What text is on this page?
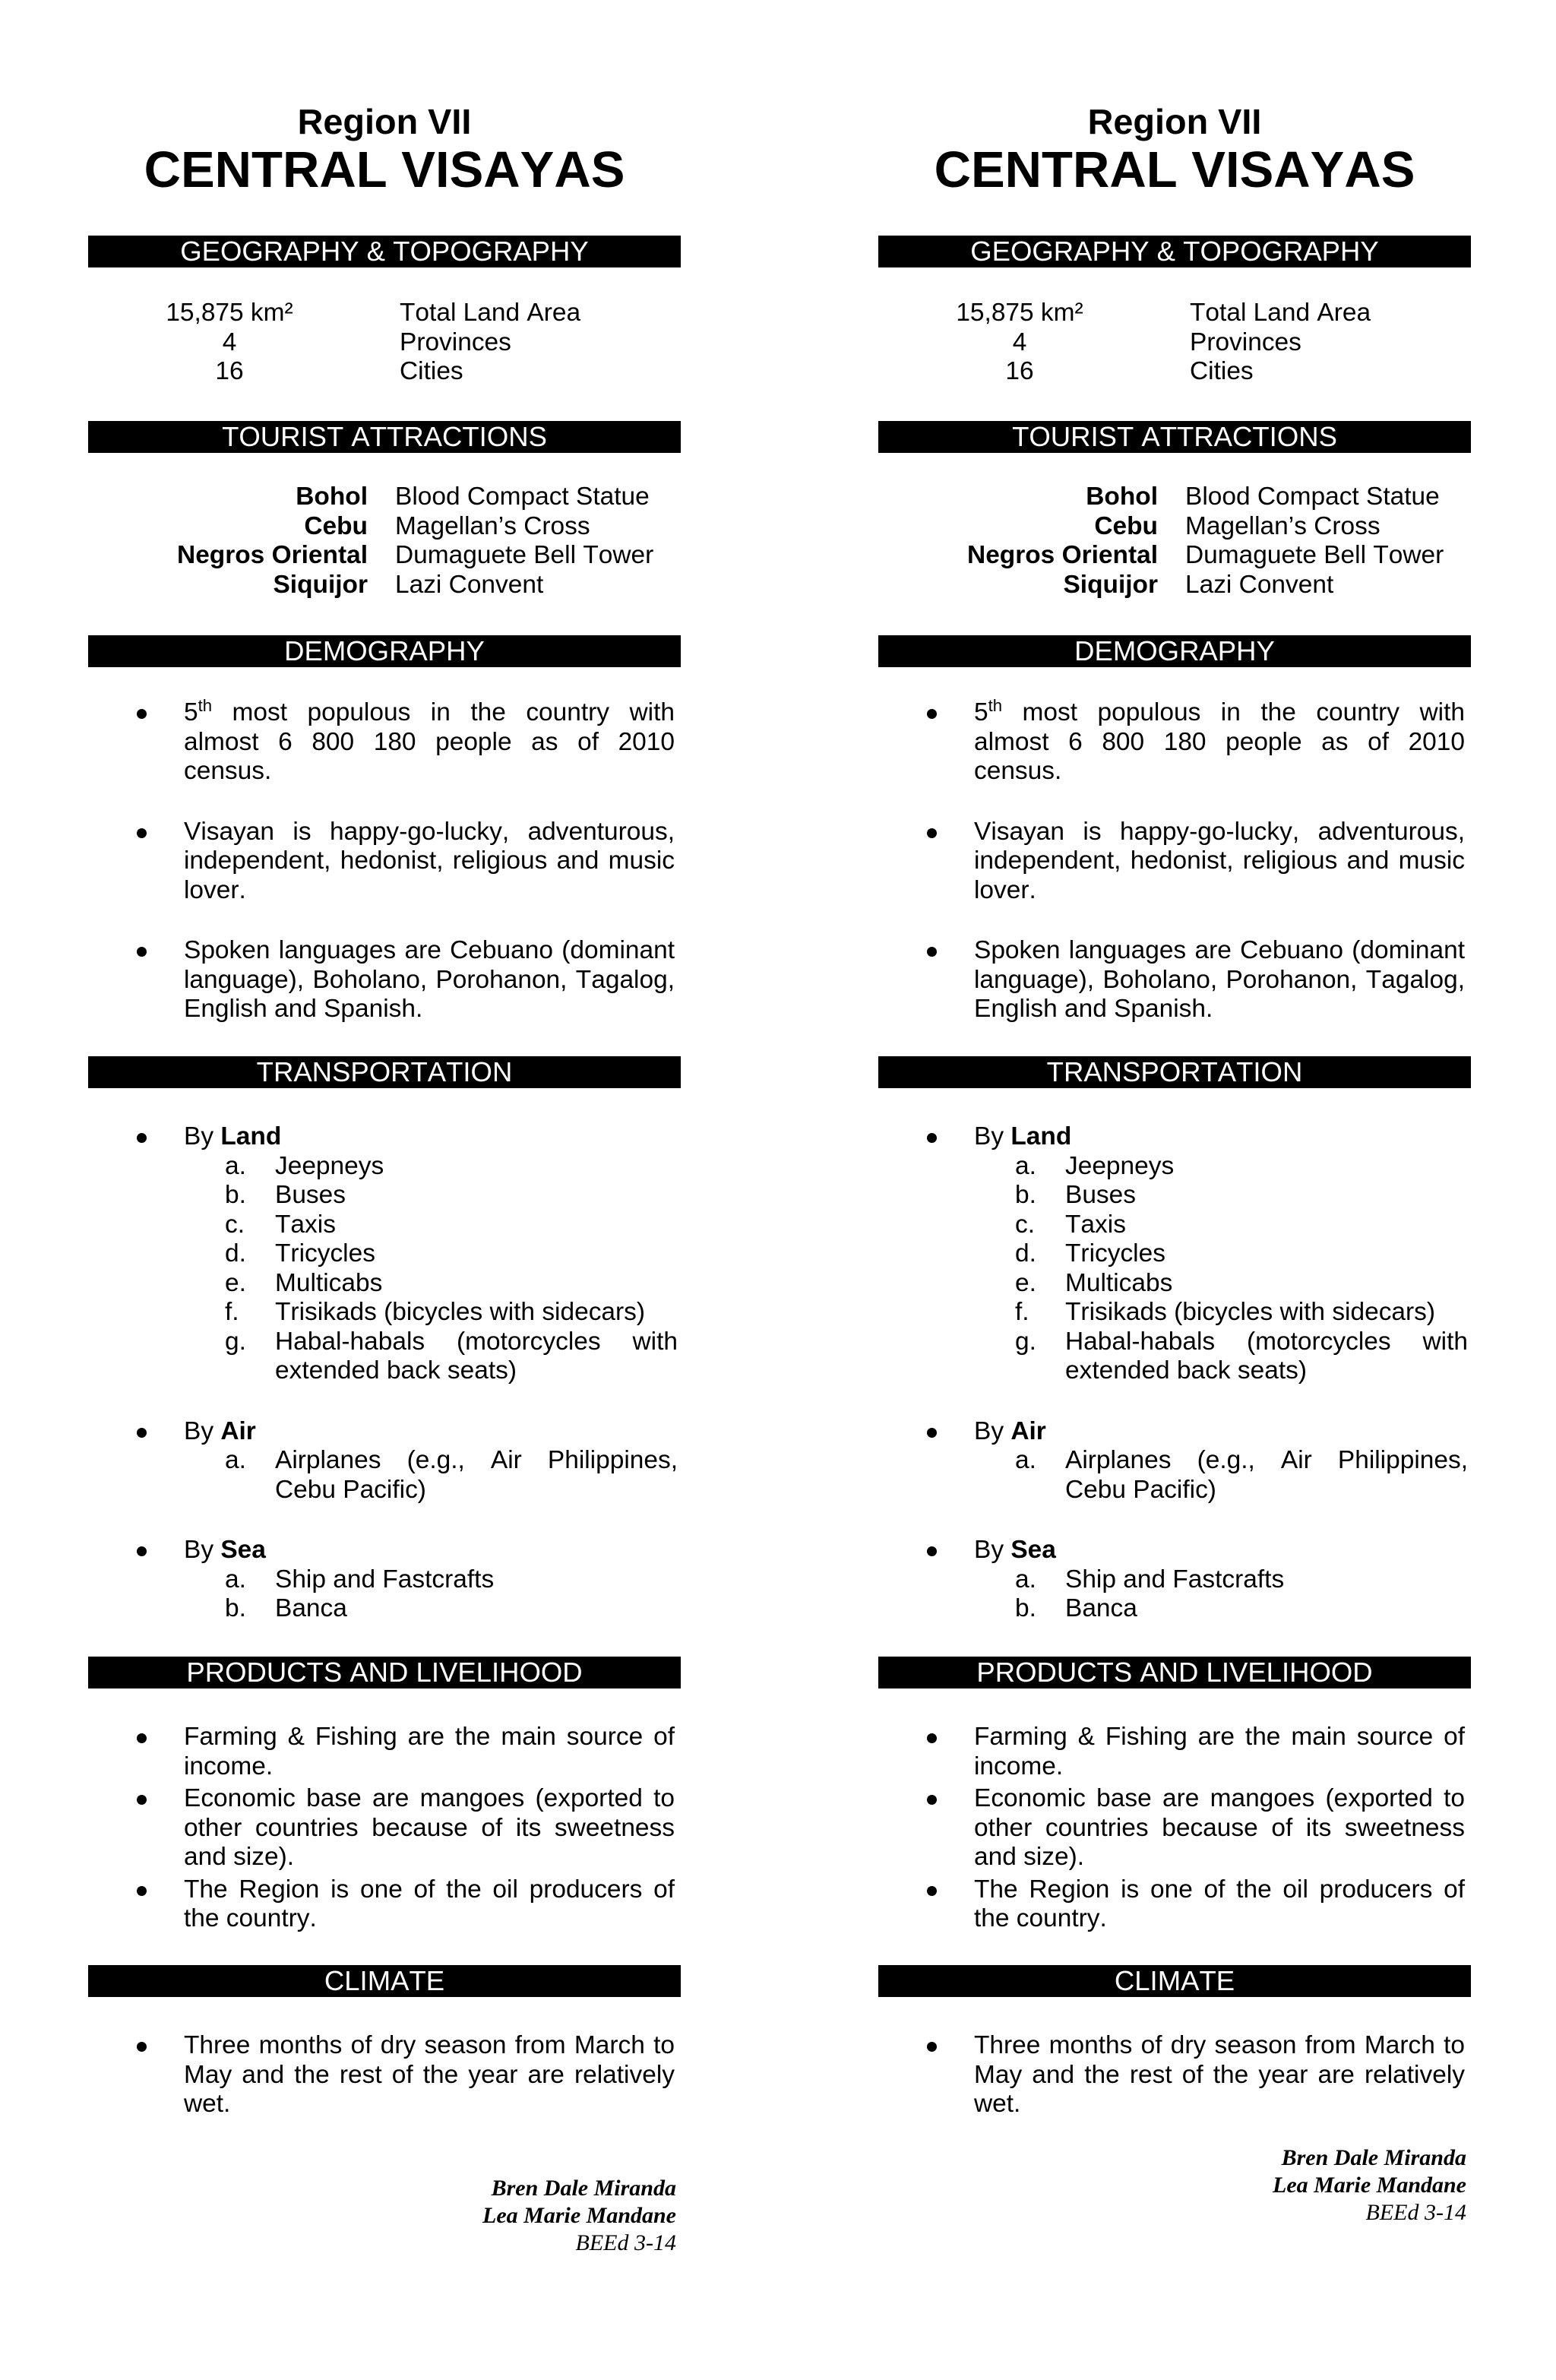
Region VII
CENTRAL VISAYAS
GEOGRAPHY & TOPOGRAPHY
15,875 km²	Total Land Area
4	Provinces
16	Cities
TOURIST ATTRACTIONS
Bohol Blood Compact Statue
Cebu Magellan’s Cross
Negros Oriental Dumaguete Bell Tower
Siquijor Lazi Convent
DEMOGRAPHY
5th most populous in the country with almost 6 800 180 people as of 2010 census.
Visayan is happy-go-lucky, adventurous, independent, hedonist, religious and music lover.
Spoken languages are Cebuano (dominant language), Boholano, Porohanon, Tagalog, English and Spanish.
TRANSPORTATION
By Land
a. Jeepneys
b. Buses
c. Taxis
d. Tricycles
e. Multicabs
f. Trisikads (bicycles with sidecars)
g. Habal-habals (motorcycles with extended back seats)
By Air
a. Airplanes (e.g., Air Philippines, Cebu Pacific)
By Sea
a. Ship and Fastcrafts
b. Banca
PRODUCTS AND LIVELIHOOD
Farming & Fishing are the main source of income.
Economic base are mangoes (exported to other countries because of its sweetness and size).
The Region is one of the oil producers of the country.
CLIMATE
Three months of dry season from March to May and the rest of the year are relatively wet.
Bren Dale Miranda
Lea Marie Mandane
BEEd 3-14
Region VII
CENTRAL VISAYAS
GEOGRAPHY & TOPOGRAPHY
15,875 km²	Total Land Area
4	Provinces
16	Cities
TOURIST ATTRACTIONS
Bohol Blood Compact Statue
Cebu Magellan’s Cross
Negros Oriental Dumaguete Bell Tower
Siquijor Lazi Convent
DEMOGRAPHY
5th most populous in the country with almost 6 800 180 people as of 2010 census.
Visayan is happy-go-lucky, adventurous, independent, hedonist, religious and music lover.
Spoken languages are Cebuano (dominant language), Boholano, Porohanon, Tagalog, English and Spanish.
TRANSPORTATION
By Land
a. Jeepneys
b. Buses
c. Taxis
d. Tricycles
e. Multicabs
f. Trisikads (bicycles with sidecars)
g. Habal-habals (motorcycles with extended back seats)
By Air
a. Airplanes (e.g., Air Philippines, Cebu Pacific)
By Sea
a. Ship and Fastcrafts
b. Banca
PRODUCTS AND LIVELIHOOD
Farming & Fishing are the main source of income.
Economic base are mangoes (exported to other countries because of its sweetness and size).
The Region is one of the oil producers of the country.
CLIMATE
Three months of dry season from March to May and the rest of the year are relatively wet.
Bren Dale Miranda
Lea Marie Mandane
BEEd 3-14
